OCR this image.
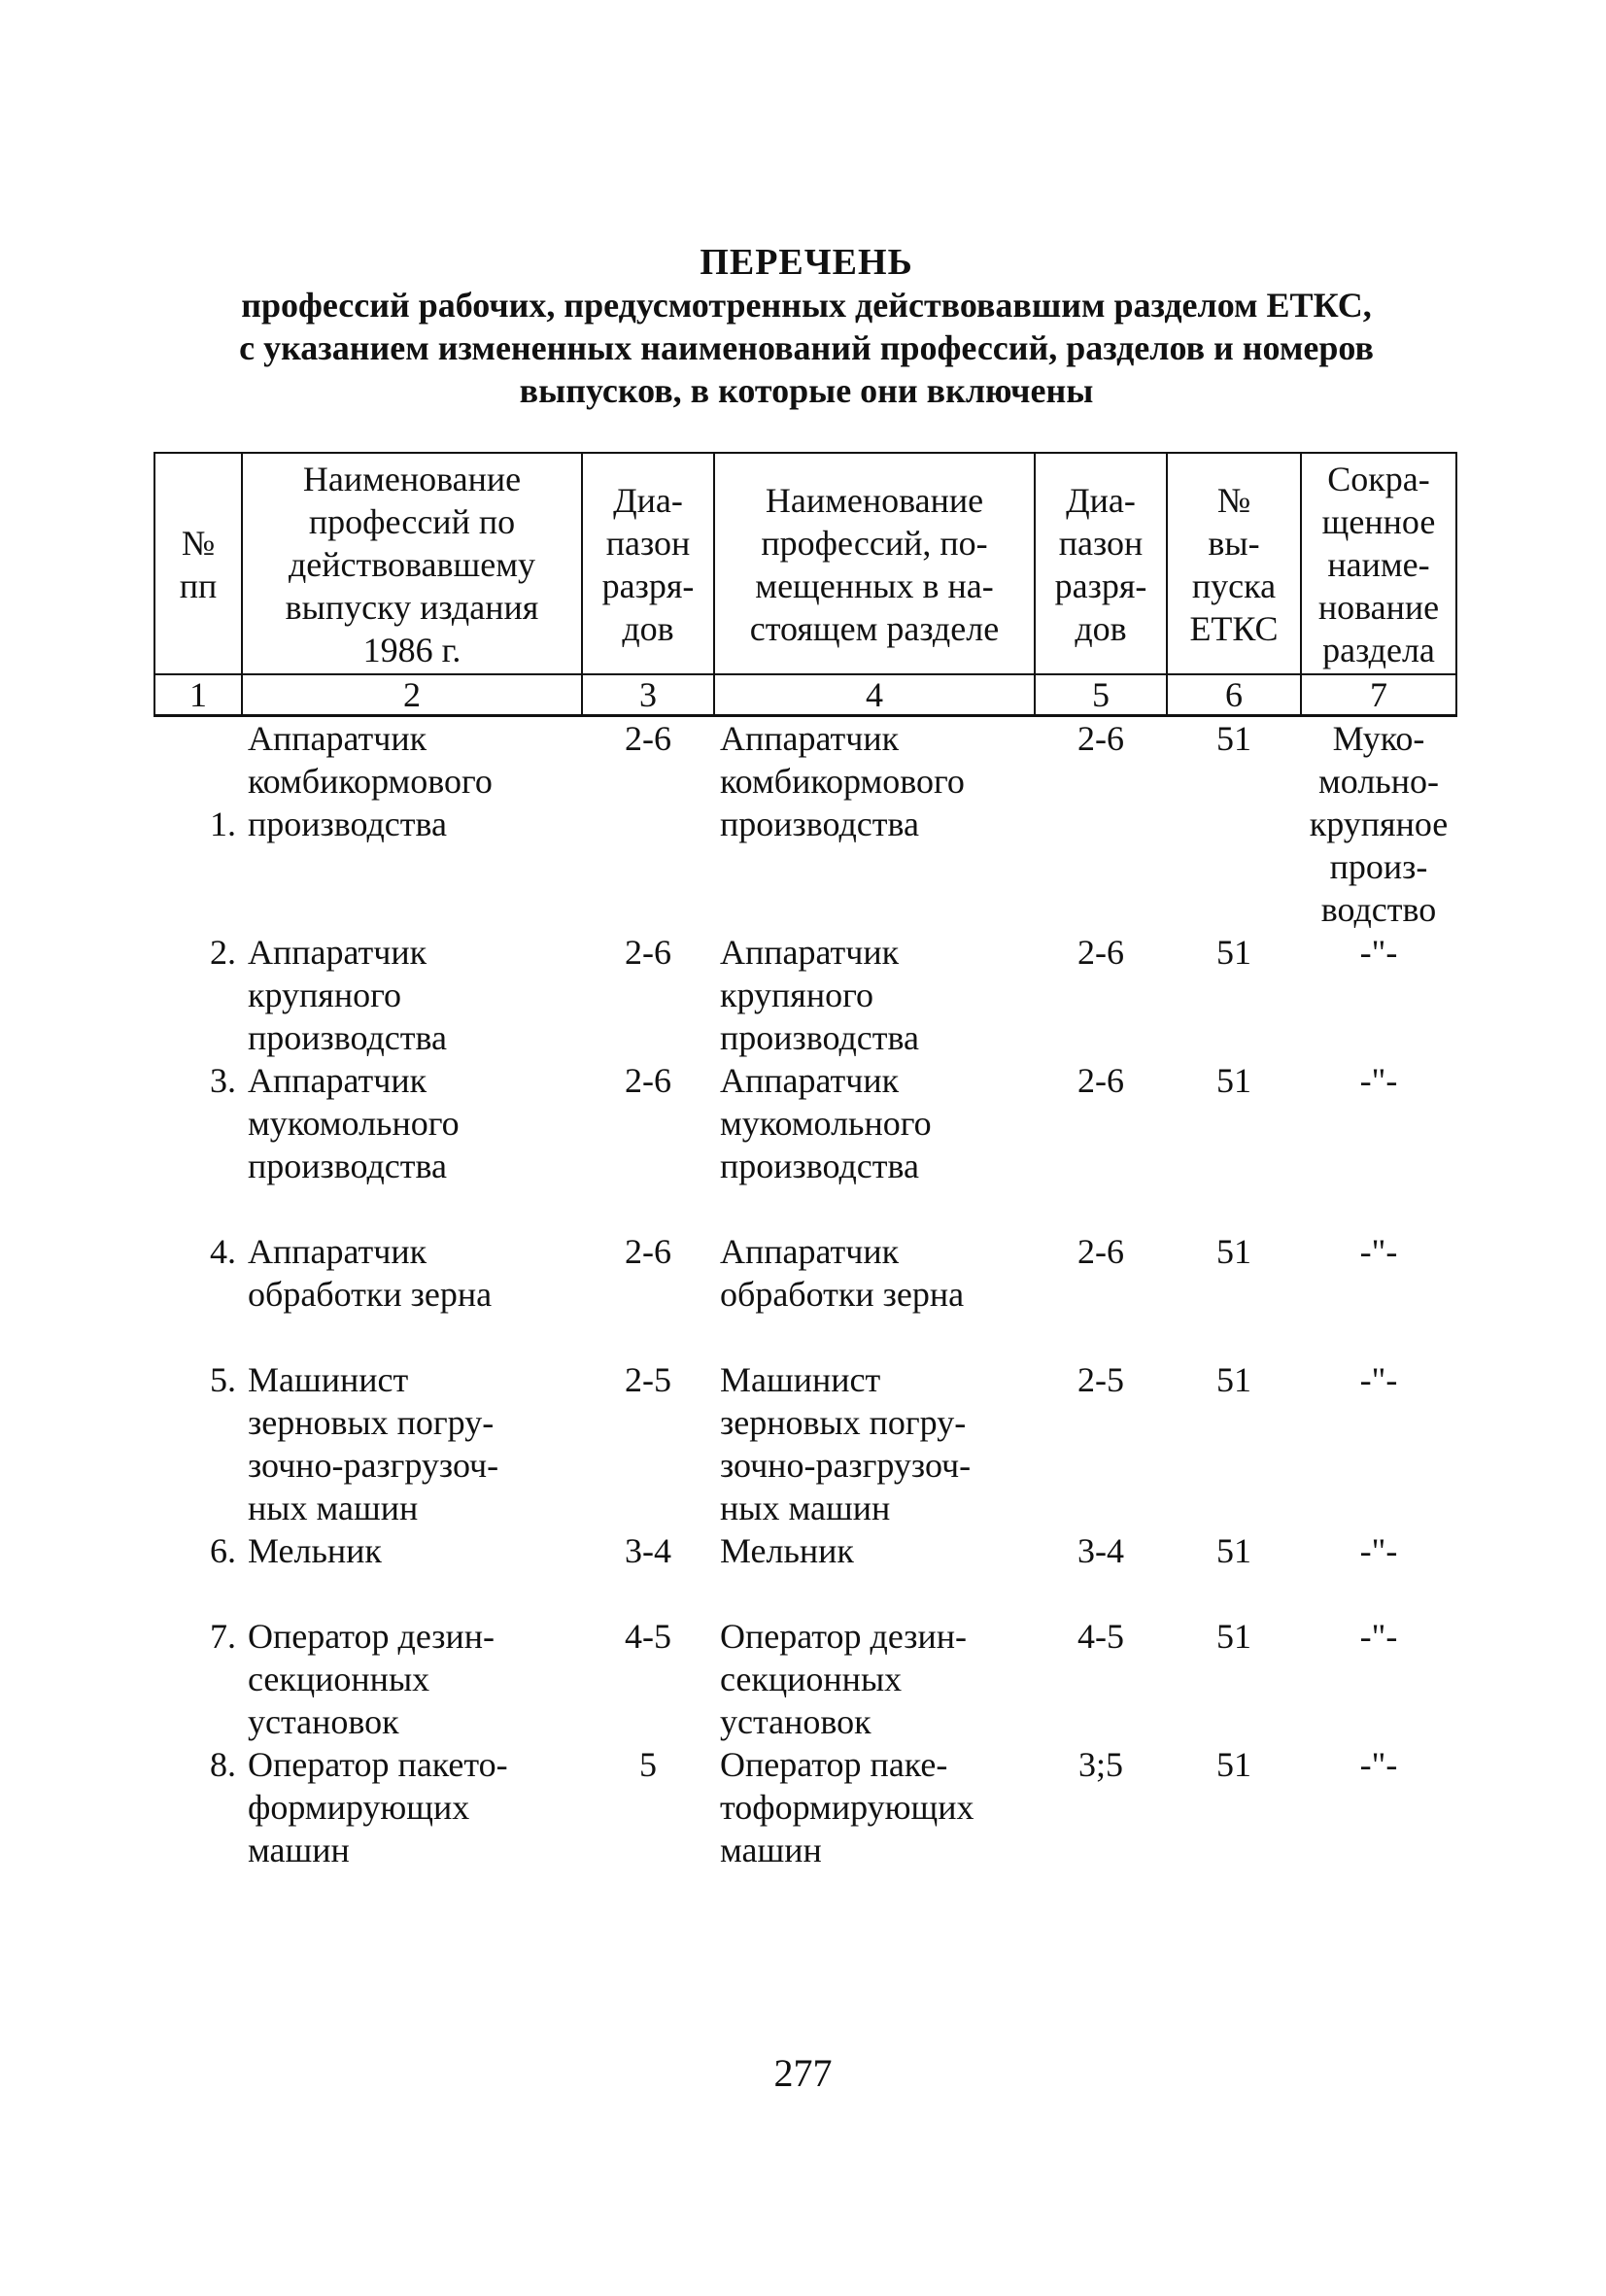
ПЕРЕЧЕНЬ
профессий рабочих, предусмотренных действовавшим разделом ЕТКС,
с указанием измененных наименований профессий, разделов и номеров
выпусков, в которые они включены
№
пп	Наименование
профессий по
действовавшему
выпуску издания
1986 г.	Диа-
пазон
разря-
дов	Наименование
профессий, по-
мещенных в на-
стоящем разделе	Диа-
пазон
разря-
дов	№
вы-
пуска
ЕТКС	Сокра-
щенное
наиме-
нование
раздела
1	2	3	4	5	6	7
1.	Аппаратчик
комбикормового
производства	2-6	Аппаратчик
комбикормового
производства	2-6	51	Муко-
мольно-
крупяное
произ-
водство
2.	Аппаратчик
крупяного
производства	2-6	Аппаратчик
крупяного
производства	2-6	51	-"-
3.	Аппаратчик
мукомольного
производства	2-6	Аппаратчик
мукомольного
производства	2-6	51	-"-
4.	Аппаратчик
обработки зерна	2-6	Аппаратчик
обработки зерна	2-6	51	-"-
5.	Машинист
зерновых погру-
зочно-разгрузоч-
ных машин	2-5	Машинист
зерновых погру-
зочно-разгрузоч-
ных машин	2-5	51	-"-
6.	Мельник	3-4	Мельник	3-4	51	-"-
7.	Оператор дезин-
секционных
установок	4-5	Оператор дезин-
секционных
установок	4-5	51	-"-
8.	Оператор пакето-
формирующих
машин	5	Оператор паке-
тоформирующих
машин	3;5	51	-"-
277
